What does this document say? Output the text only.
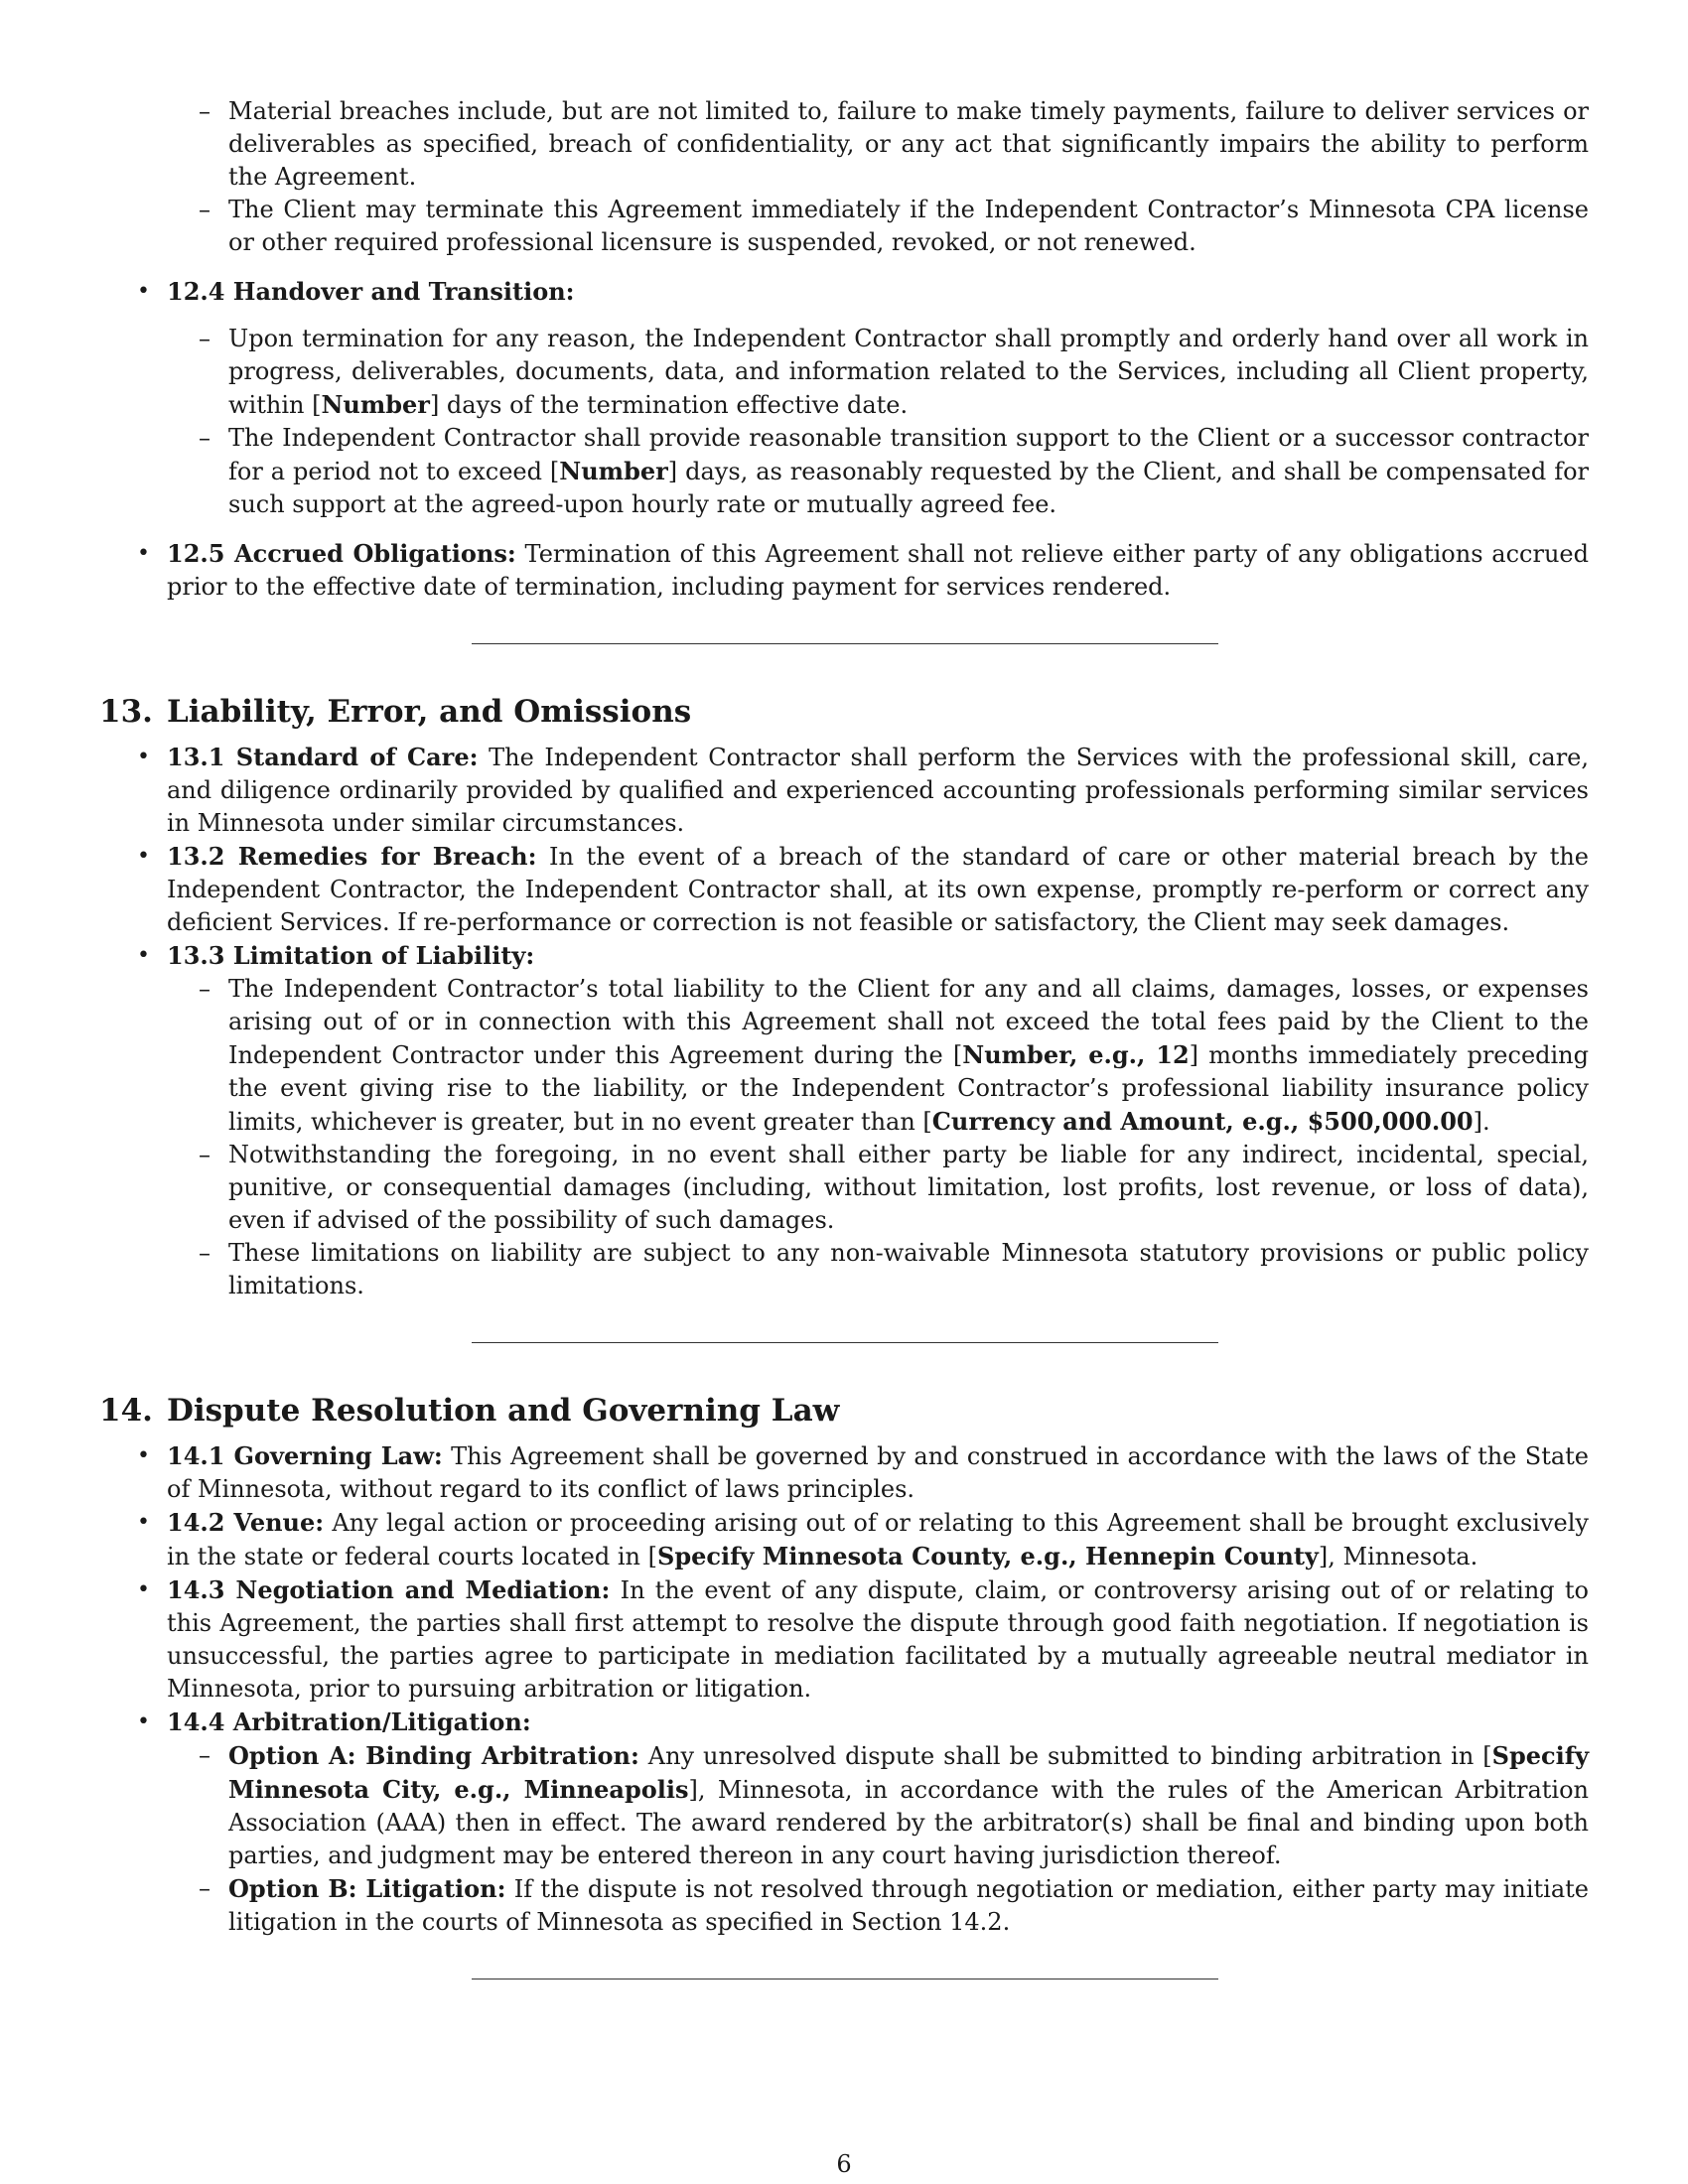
– Material breaches include, but are not limited to, failure to make timely payments, failure to deliver services or deliverables as specified, breach of confidentiality, or any act that significantly impairs the ability to perform the Agreement.
– The Client may terminate this Agreement immediately if the Independent Contractor’s Minnesota CPA license or other required professional licensure is suspended, revoked, or not renewed.
• 12.4 Handover and Transition:
– Upon termination for any reason, the Independent Contractor shall promptly and orderly hand over all work in progress, deliverables, documents, data, and information related to the Services, including all Client property, within [Number] days of the termination effective date.
– The Independent Contractor shall provide reasonable transition support to the Client or a successor contractor for a period not to exceed [Number] days, as reasonably requested by the Client, and shall be compensated for such support at the agreed-upon hourly rate or mutually agreed fee.
• 12.5 Accrued Obligations: Termination of this Agreement shall not relieve either party of any obligations accrued prior to the effective date of termination, including payment for services rendered.
13. Liability, Error, and Omissions
• 13.1 Standard of Care: The Independent Contractor shall perform the Services with the professional skill, care, and diligence ordinarily provided by qualified and experienced accounting professionals performing similar services in Minnesota under similar circumstances.
• 13.2 Remedies for Breach: In the event of a breach of the standard of care or other material breach by the Independent Contractor, the Independent Contractor shall, at its own expense, promptly re-perform or correct any deficient Services. If re-performance or correction is not feasible or satisfactory, the Client may seek damages.
• 13.3 Limitation of Liability:
– The Independent Contractor’s total liability to the Client for any and all claims, damages, losses, or expenses arising out of or in connection with this Agreement shall not exceed the total fees paid by the Client to the Independent Contractor under this Agreement during the [Number, e.g., 12] months immediately preceding the event giving rise to the liability, or the Independent Contractor’s professional liability insurance policy limits, whichever is greater, but in no event greater than [Currency and Amount, e.g., $500,000.00].
– Notwithstanding the foregoing, in no event shall either party be liable for any indirect, incidental, special, punitive, or consequential damages (including, without limitation, lost profits, lost revenue, or loss of data), even if advised of the possibility of such damages.
– These limitations on liability are subject to any non-waivable Minnesota statutory provisions or public policy limitations.
14. Dispute Resolution and Governing Law
• 14.1 Governing Law: This Agreement shall be governed by and construed in accordance with the laws of the State of Minnesota, without regard to its conflict of laws principles.
• 14.2 Venue: Any legal action or proceeding arising out of or relating to this Agreement shall be brought exclusively in the state or federal courts located in [Specify Minnesota County, e.g., Hennepin County], Minnesota.
• 14.3 Negotiation and Mediation: In the event of any dispute, claim, or controversy arising out of or relating to this Agreement, the parties shall first attempt to resolve the dispute through good faith negotiation. If negotiation is unsuccessful, the parties agree to participate in mediation facilitated by a mutually agreeable neutral mediator in Minnesota, prior to pursuing arbitration or litigation.
• 14.4 Arbitration/Litigation:
– Option A: Binding Arbitration: Any unresolved dispute shall be submitted to binding arbitration in [Specify Minnesota City, e.g., Minneapolis], Minnesota, in accordance with the rules of the American Arbitration Association (AAA) then in effect. The award rendered by the arbitrator(s) shall be final and binding upon both parties, and judgment may be entered thereon in any court having jurisdiction thereof.
– Option B: Litigation: If the dispute is not resolved through negotiation or mediation, either party may initiate litigation in the courts of Minnesota as specified in Section 14.2.
6
